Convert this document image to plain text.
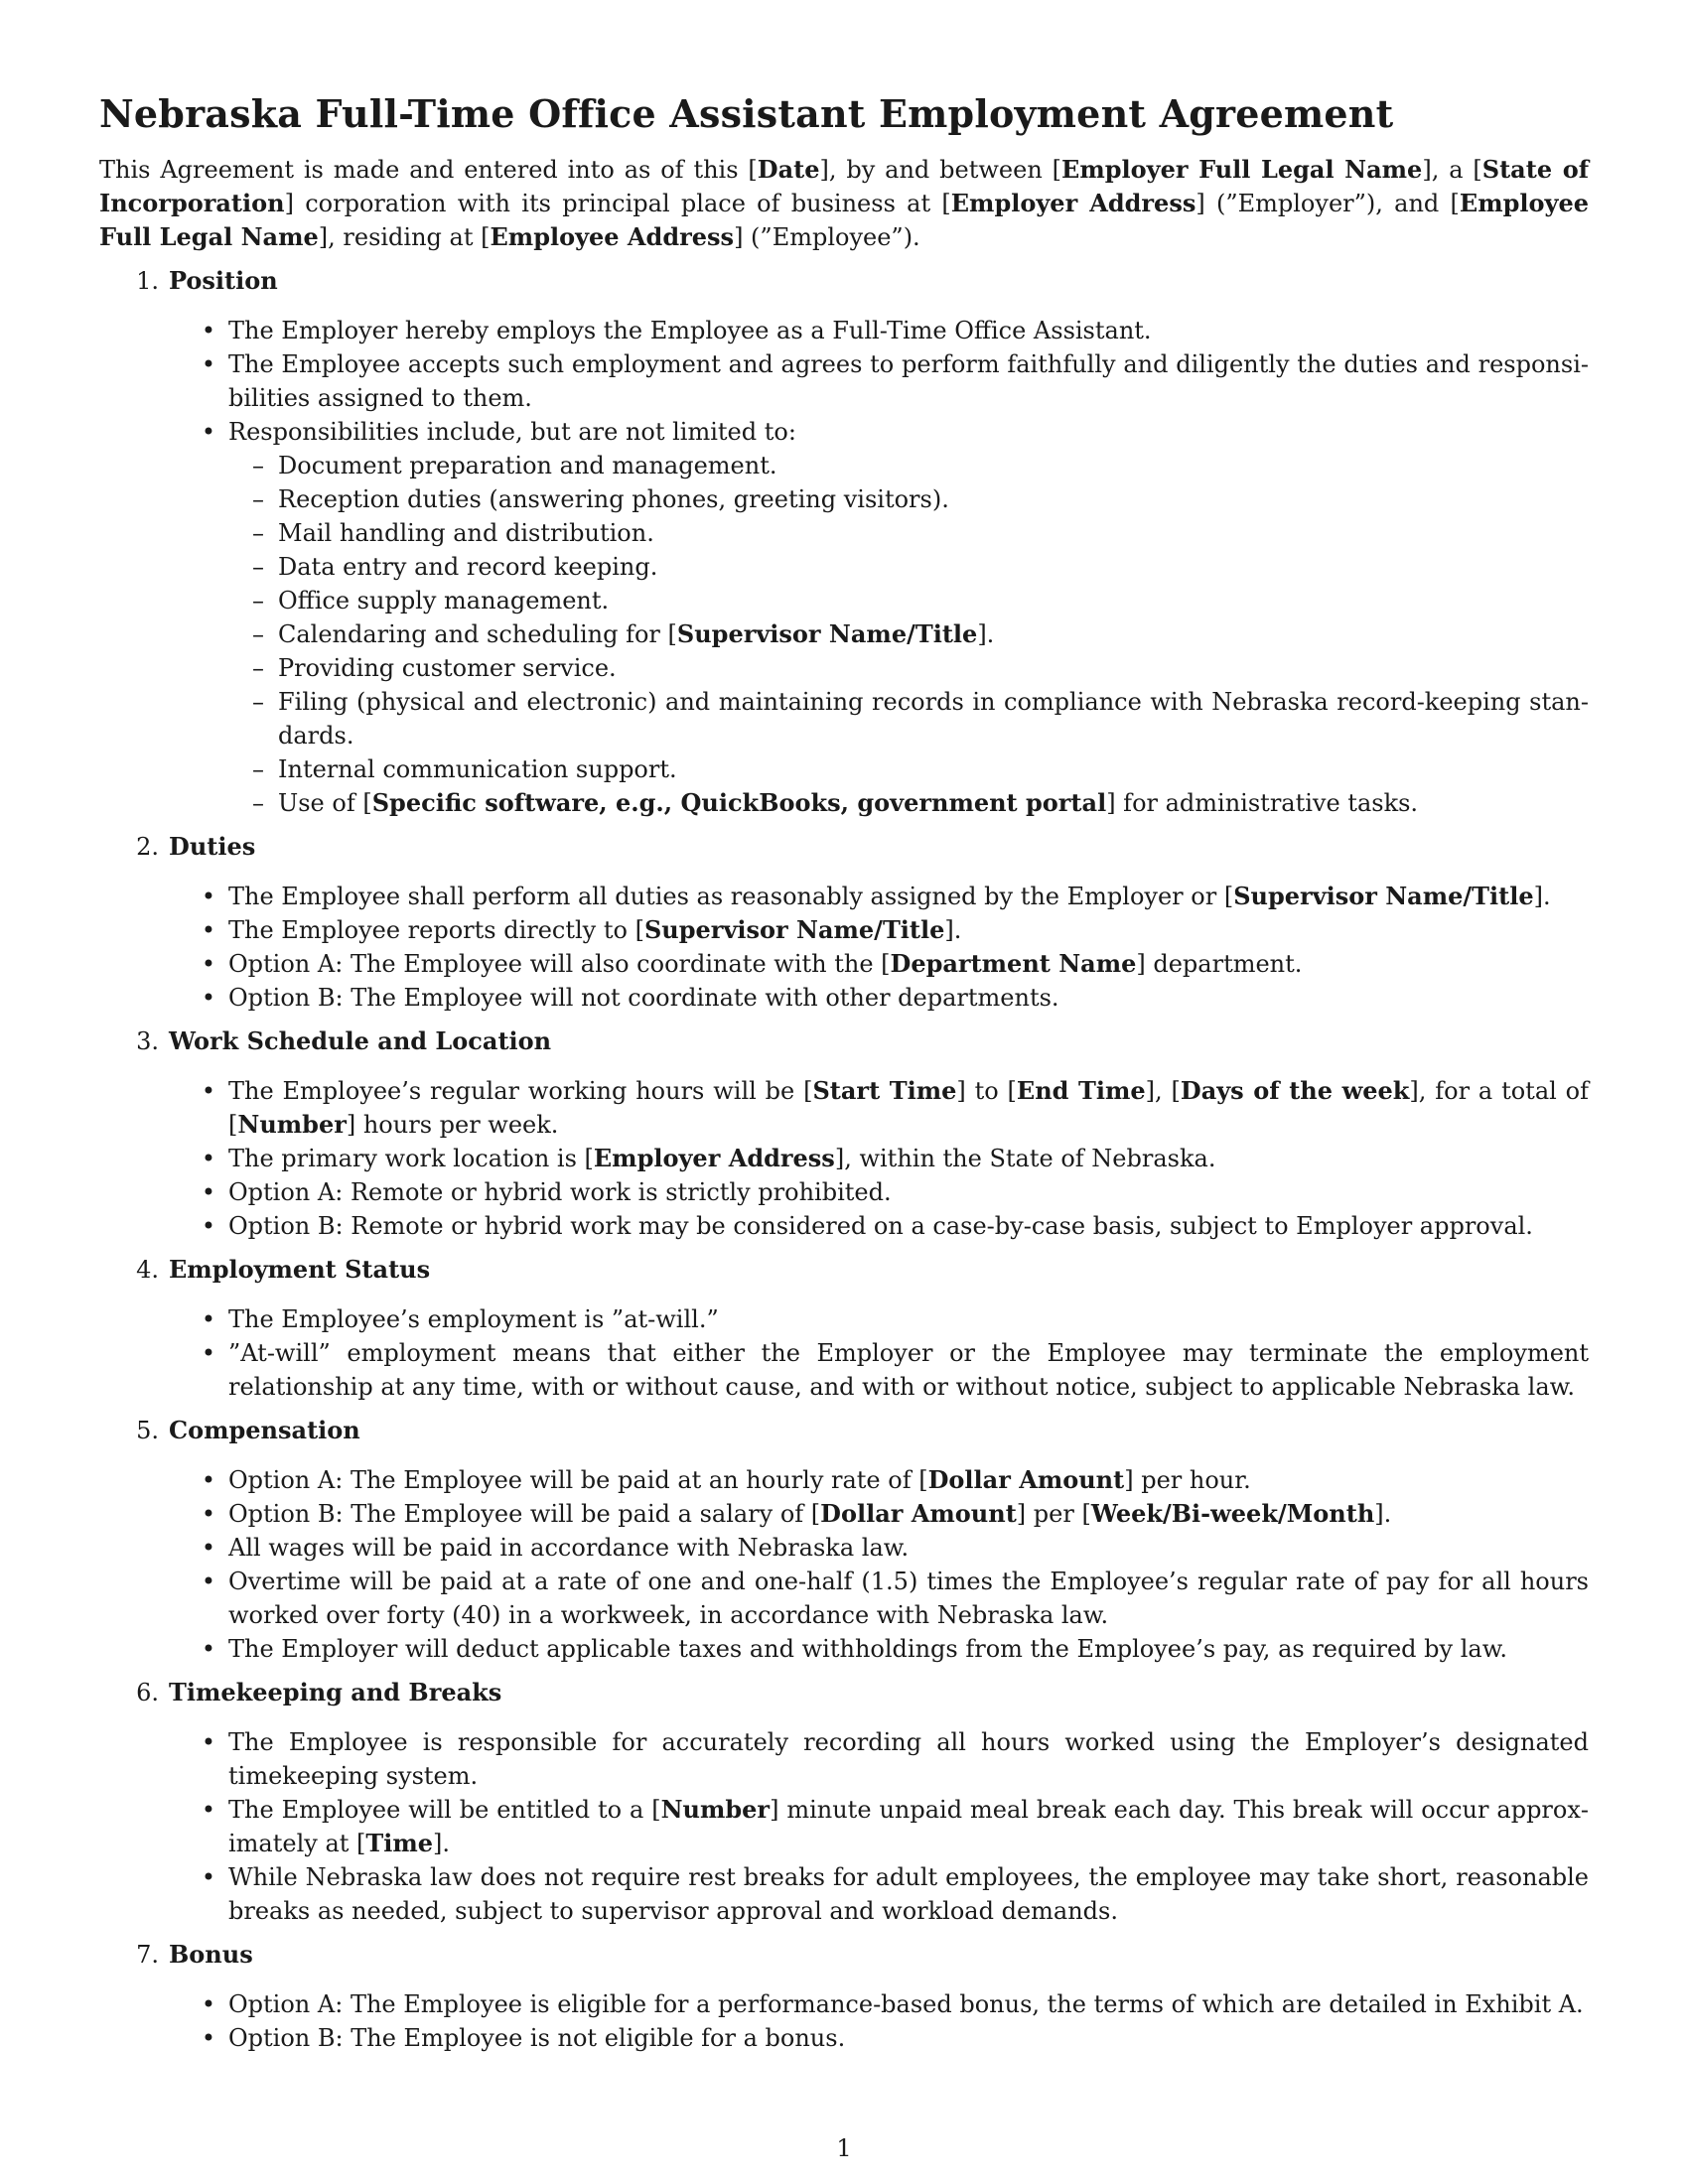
Nebraska Full-Time Office Assistant Employment Agreement

This Agreement is made and entered into as of this [Date], by and between [Employer Full Legal Name], a [State of Incorporation] corporation with its principal place of business at [Employer Address] (”Employer”), and [Employee Full Legal Name], residing at [Employee Address] (”Employee”).

1. Position
• The Employer hereby employs the Employee as a Full-Time Office Assistant.
• The Employee accepts such employment and agrees to perform faithfully and diligently the duties and responsibilities assigned to them.
• Responsibilities include, but are not limited to:
– Document preparation and management.
– Reception duties (answering phones, greeting visitors).
– Mail handling and distribution.
– Data entry and record keeping.
– Office supply management.
– Calendaring and scheduling for [Supervisor Name/Title].
– Providing customer service.
– Filing (physical and electronic) and maintaining records in compliance with Nebraska record-keeping standards.
– Internal communication support.
– Use of [Specific software, e.g., QuickBooks, government portal] for administrative tasks.
2. Duties
• The Employee shall perform all duties as reasonably assigned by the Employer or [Supervisor Name/Title].
• The Employee reports directly to [Supervisor Name/Title].
• Option A: The Employee will also coordinate with the [Department Name] department.
• Option B: The Employee will not coordinate with other departments.
3. Work Schedule and Location
• The Employee’s regular working hours will be [Start Time] to [End Time], [Days of the week], for a total of [Number] hours per week.
• The primary work location is [Employer Address], within the State of Nebraska.
• Option A: Remote or hybrid work is strictly prohibited.
• Option B: Remote or hybrid work may be considered on a case-by-case basis, subject to Employer approval.
4. Employment Status
• The Employee’s employment is ”at-will.”
• ”At-will” employment means that either the Employer or the Employee may terminate the employment relationship at any time, with or without cause, and with or without notice, subject to applicable Nebraska law.
5. Compensation
• Option A: The Employee will be paid at an hourly rate of [Dollar Amount] per hour.
• Option B: The Employee will be paid a salary of [Dollar Amount] per [Week/Bi-week/Month].
• All wages will be paid in accordance with Nebraska law.
• Overtime will be paid at a rate of one and one-half (1.5) times the Employee’s regular rate of pay for all hours worked over forty (40) in a workweek, in accordance with Nebraska law.
• The Employer will deduct applicable taxes and withholdings from the Employee’s pay, as required by law.
6. Timekeeping and Breaks
• The Employee is responsible for accurately recording all hours worked using the Employer’s designated timekeeping system.
• The Employee will be entitled to a [Number] minute unpaid meal break each day. This break will occur approximately at [Time].
• While Nebraska law does not require rest breaks for adult employees, the employee may take short, reasonable breaks as needed, subject to supervisor approval and workload demands.
7. Bonus
• Option A: The Employee is eligible for a performance-based bonus, the terms of which are detailed in Exhibit A.
• Option B: The Employee is not eligible for a bonus.
1
